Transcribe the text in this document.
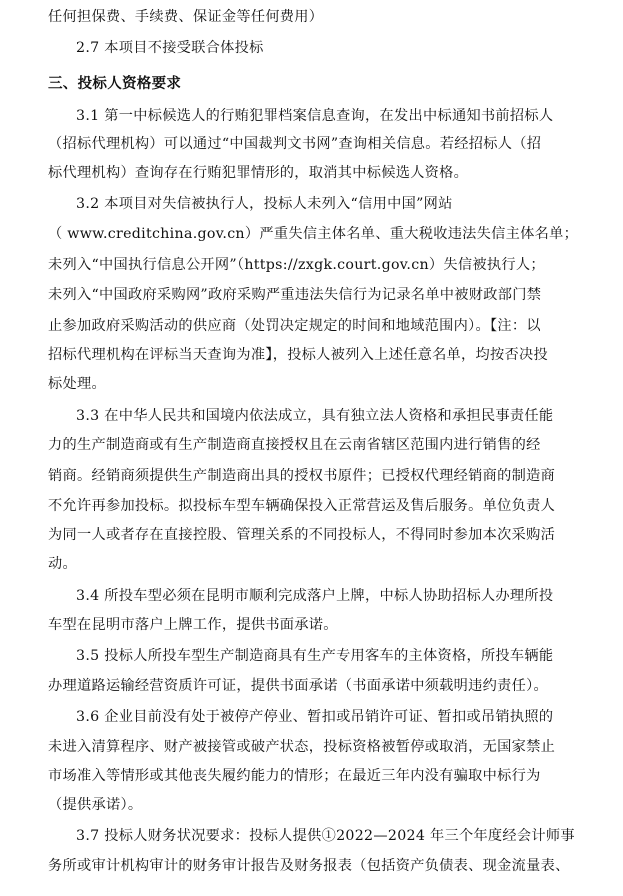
任何担保费、手续费、保证金等任何费用）
2.7 本项目不接受联合体投标
三、投标人资格要求
3.1 第一中标候选人的行贿犯罪档案信息查询，在发出中标通知书前招标人
（招标代理机构）可以通过“中国裁判文书网”查询相关信息。若经招标人（招
标代理机构）查询存在行贿犯罪情形的，取消其中标候选人资格。
3.2 本项目对失信被执行人，投标人未列入“信用中国”网站
（ www.creditchina.gov.cn）严重失信主体名单、重大税收违法失信主体名单；
未列入“中国执行信息公开网”（https://zxgk.court.gov.cn）失信被执行人；
未列入“中国政府采购网”政府采购严重违法失信行为记录名单中被财政部门禁
止参加政府采购活动的供应商（处罚决定规定的时间和地域范围内）。【注：以
招标代理机构在评标当天查询为准】，投标人被列入上述任意名单，均按否决投
标处理。
3.3 在中华人民共和国境内依法成立，具有独立法人资格和承担民事责任能
力的生产制造商或有生产制造商直接授权且在云南省辖区范围内进行销售的经
销商。经销商须提供生产制造商出具的授权书原件；已授权代理经销商的制造商
不允许再参加投标。拟投标车型车辆确保投入正常营运及售后服务。单位负责人
为同一人或者存在直接控股、管理关系的不同投标人，不得同时参加本次采购活
动。
3.4 所投车型必须在昆明市顺利完成落户上牌，中标人协助招标人办理所投
车型在昆明市落户上牌工作，提供书面承诺。
3.5 投标人所投车型生产制造商具有生产专用客车的主体资格，所投车辆能
办理道路运输经营资质许可证，提供书面承诺（书面承诺中须载明违约责任）。
3.6 企业目前没有处于被停产停业、暂扣或吊销许可证、暂扣或吊销执照的
未进入清算程序、财产被接管或破产状态，投标资格被暂停或取消，无国家禁止
市场准入等情形或其他丧失履约能力的情形；在最近三年内没有骗取中标行为
（提供承诺）。
3.7 投标人财务状况要求：投标人提供①2022—2024 年三个年度经会计师事
务所或审计机构审计的财务审计报告及财务报表（包括资产负债表、现金流量表、
